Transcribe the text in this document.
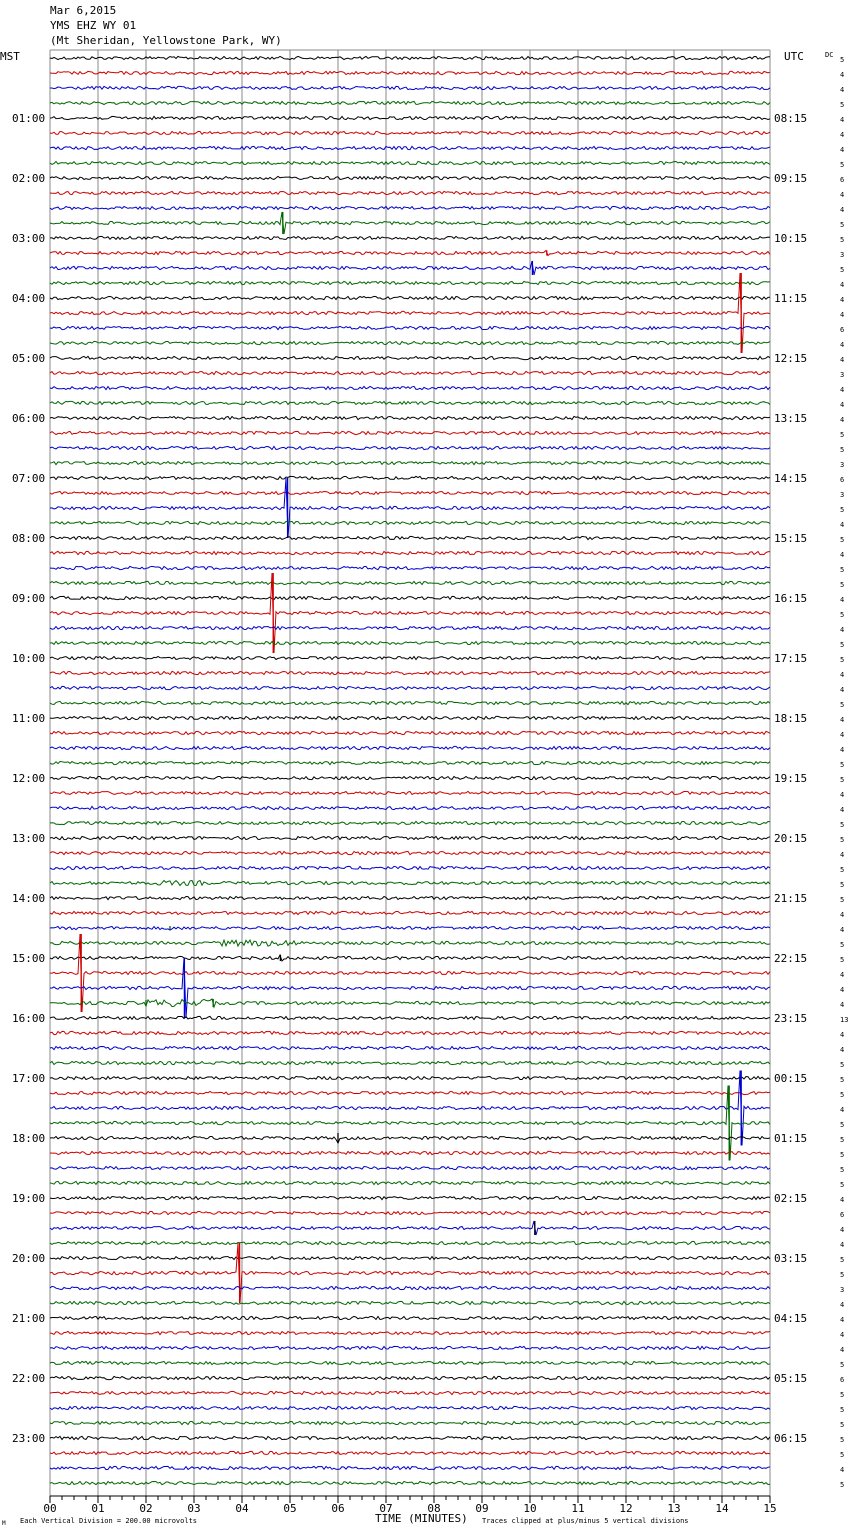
Mar 6,2015
YMS EHZ WY 01
(Mt Sheridan, Yellowstone Park, WY)
00	01	02	03	04	05	06	07	08	09	10	11	12	13	14	15
5
4
4
5
4
4
4
5
6
4
4
5
5
3
5
4
4
4
6
4
4
3
4
4
4
5
5
3
6
3
5
4
5
4
5
5
4
5
4
5
5
4
4
5
4
4
4
5
5
4
4
5
5
4
5
5
5
4
4
5
5
4
4
4
13
4
4
5
5
5
4
5
5
5
5
5
4
6
4
4
5
5
3
4
4
4
4
5
6
5
5
5
5
5
4
5
01:00
02:00
03:00
04:00
05:00
06:00
07:00
08:00
09:00
10:00
11:00
12:00
13:00
14:00
15:00
16:00
17:00
18:00
19:00
20:00
21:00
22:00
23:00
08:15
09:15
10:15
11:15
12:15
13:15
14:15
15:15
16:15
17:15
18:15
19:15
20:15
21:15
22:15
23:15
00:15
01:15
02:15
03:15
04:15
05:15
06:15
MST	UTC	DC
TIME (MINUTES)
M Each Vertical Division = 200.00 microvolts	Traces clipped at plus/minus 5 vertical divisions
